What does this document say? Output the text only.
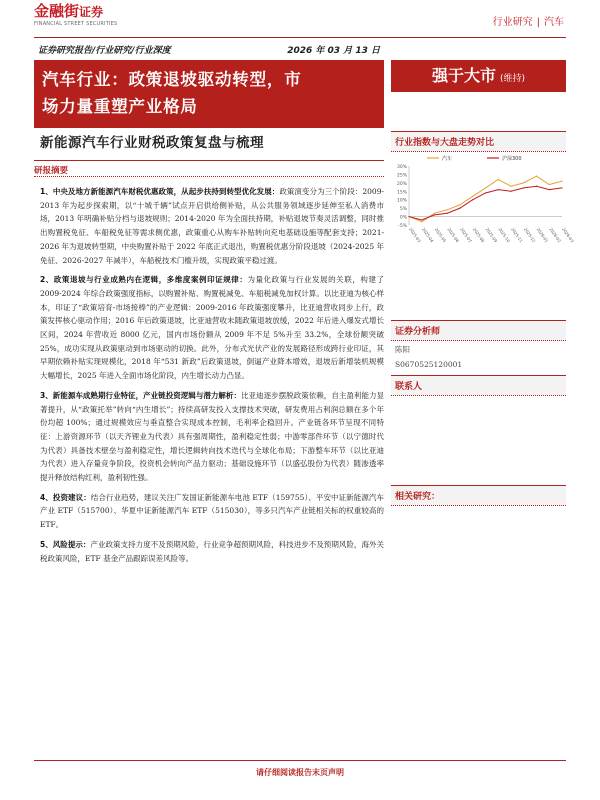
金融街证券
FINANCIAL STREET SECURITIES	行业研究 | 汽车
证券研究报告/行业研究/行业深度	2026 年 03 月 13 日
汽车行业：政策退坡驱动转型，市
场力量重塑产业格局
强于大市 (维持)
新能源汽车行业财税政策复盘与梳理
研报摘要

1、中央及地方新能源汽车财税优惠政策，从起步扶持到转型优化发展：政策演变分为三个阶段：2009-2013 年为起步探索期，以“十城千辆”试点开启供给侧补贴，从公共服务领域逐步延伸至私人消费市场，2013 年明确补贴分档与退坡规则；2014-2020 年为全面扶持期，补贴退坡节奏灵活调整，同时推出购置税免征、车船税免征等需求侧优惠，政策重心从购车补贴转向充电基础设施等配套支持；2021-2026 年为退坡转型期，中央购置补贴于 2022 年底正式退出，购置税优惠分阶段退坡（2024-2025 年免征、2026-2027 年减半），车船税技术门槛升级，实现政策平稳过渡。

2、政策退坡与行业成熟内在逻辑，多维度案例印证规律：为量化政策与行业发展的关联，构建了 2009-2024 年综合政策强度指标，以购置补贴、购置税减免、车船税减免加权计算。以比亚迪为核心样本，印证了“政策培育-市场接棒”的产业逻辑：2009-2016 年政策强度攀升，比亚迪营收同步上行，政策发挥核心驱动作用；2016 年后政策退坡，比亚迪营收未随政策退坡放缓，2022 年后进入爆发式增长区间，2024 年营收近 8000 亿元，国内市场份额从 2009 年不足 5%升至 33.2%，全球份额突破 25%，成功实现从政策驱动到市场驱动的切换。此外，分布式光伏产业的发展路径形成跨行业印证，其早期依赖补贴实现规模化，2018 年“531 新政”后政策退坡，倒逼产业降本增效，退坡后新增装机规模大幅增长，2025 年进入全面市场化阶段，内生增长动力凸显。

3、新能源车成熟期行业特征，产业链投资逻辑与潜力解析：比亚迪逐步摆脱政策依赖，自主盈利能力显著提升，从“政策托举”转向“内生增长”；持续高研发投入支撑技术突破，研发费用占利润总额在多个年份均超 100%；通过规模效应与垂直整合实现成本控制，毛利率企稳回升。产业链各环节呈现不同特征：上游资源环节（以天齐锂业为代表）具有强周期性，盈利稳定性弱；中游零部件环节（以宁德时代为代表）具备技术壁垒与盈利稳定性，增长逻辑转向技术迭代与全球化布局；下游整车环节（以比亚迪为代表）进入存量竞争阶段，投资机会转向产品力驱动；基础设施环节（以盛弘股份为代表）随渗透率提升释放结构红利，盈利韧性强。

4、投资建议：结合行业趋势，建议关注广发国证新能源车电池 ETF（159755）、平安中证新能源汽车产业 ETF（515700）、华夏中证新能源汽车 ETF（515030），等多只汽车产业链相关标的权重较高的 ETF。

5、风险提示：产业政策支持力度不及预期风险，行业竞争超预期风险，科技进步不及预期风险，海外关税政策风险，ETF 基金产品跟踪误差风险等。

行业指数与大盘走势对比
-5%
0%
5%
10%
15%
20%
25%
30%
2025-03 2025-04 2025-05 2025-06 2025-07 2025-08 2025-09 2025-10 2025-11 2025-12 2026-01 2026-02 2026-03
汽车	沪深300
证券分析师
陈阳
S0670525120001
联系人
相关研究：
请仔细阅读报告末页声明
